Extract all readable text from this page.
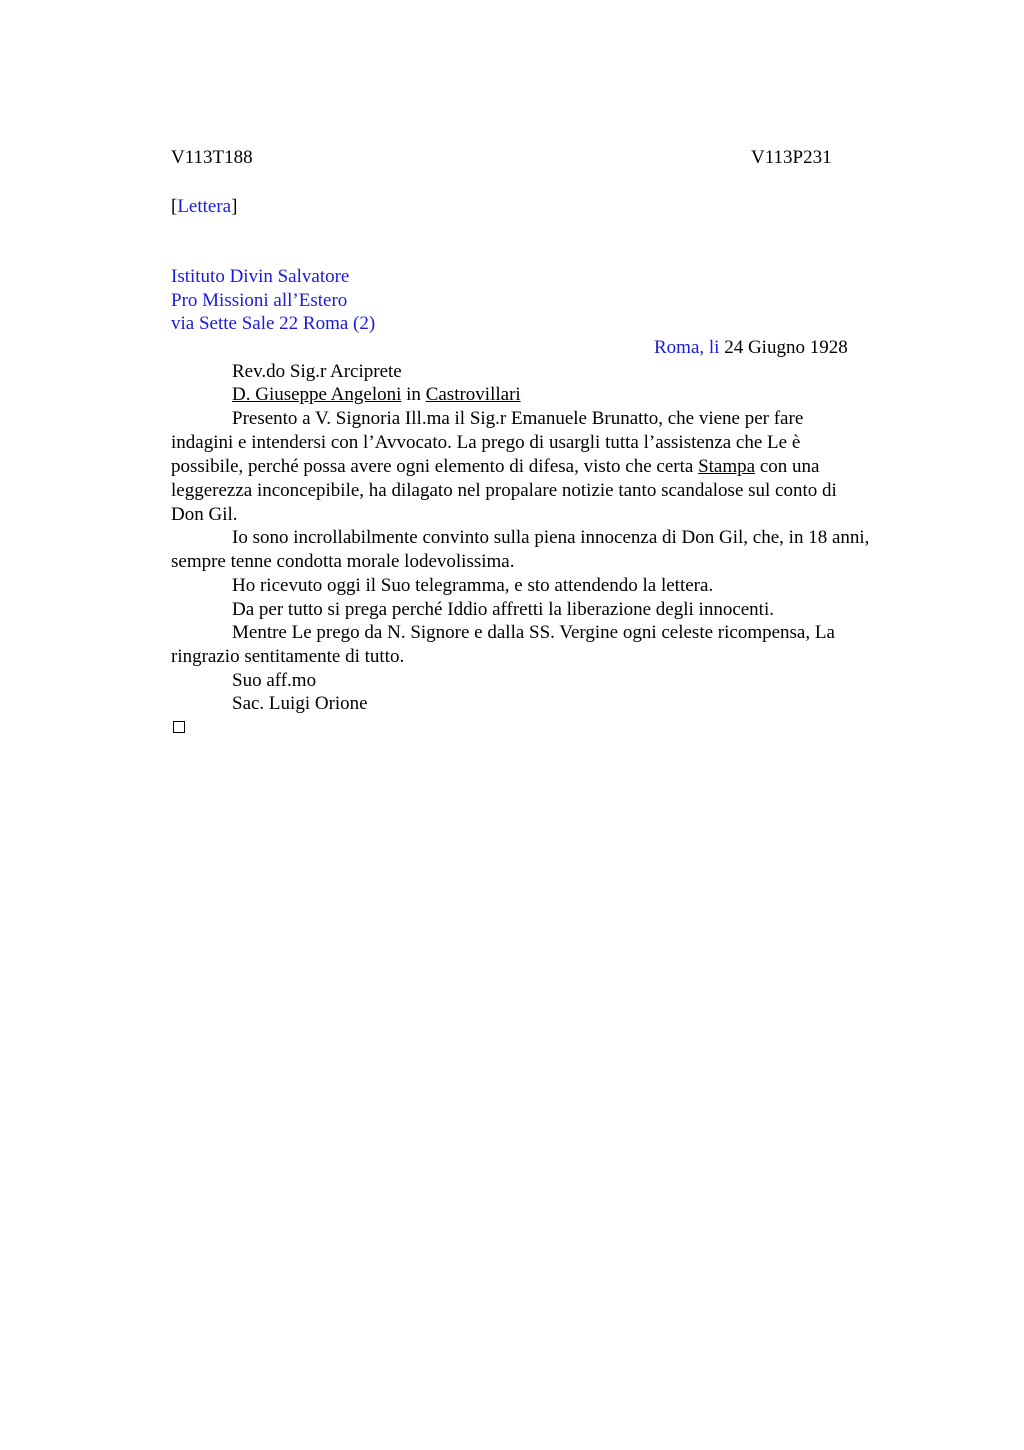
V113T188	V113P231
[Lettera]
Istituto Divin Salvatore
Pro Missioni all’Estero
via Sette Sale 22 Roma (2)
Roma, li 24 Giugno 1928
Rev.do Sig.r Arciprete
D. Giuseppe Angeloni in Castrovillari
Presento a V. Signoria Ill.ma il Sig.r Emanuele Brunatto, che viene per fare
indagini e intendersi con l’Avvocato. La prego di usargli tutta l’assistenza che Le è
possibile, perché possa avere ogni elemento di difesa, visto che certa Stampa con una
leggerezza inconcepibile, ha dilagato nel propalare notizie tanto scandalose sul conto di
Don Gil.
Io sono incrollabilmente convinto sulla piena innocenza di Don Gil, che, in 18 anni,
sempre tenne condotta morale lodevolissima.
Ho ricevuto oggi il Suo telegramma, e sto attendendo la lettera.
Da per tutto si prega perché Iddio affretti la liberazione degli innocenti.
Mentre Le prego da N. Signore e dalla SS. Vergine ogni celeste ricompensa, La
ringrazio sentitamente di tutto.
Suo aff.mo
Sac. Luigi Orione
